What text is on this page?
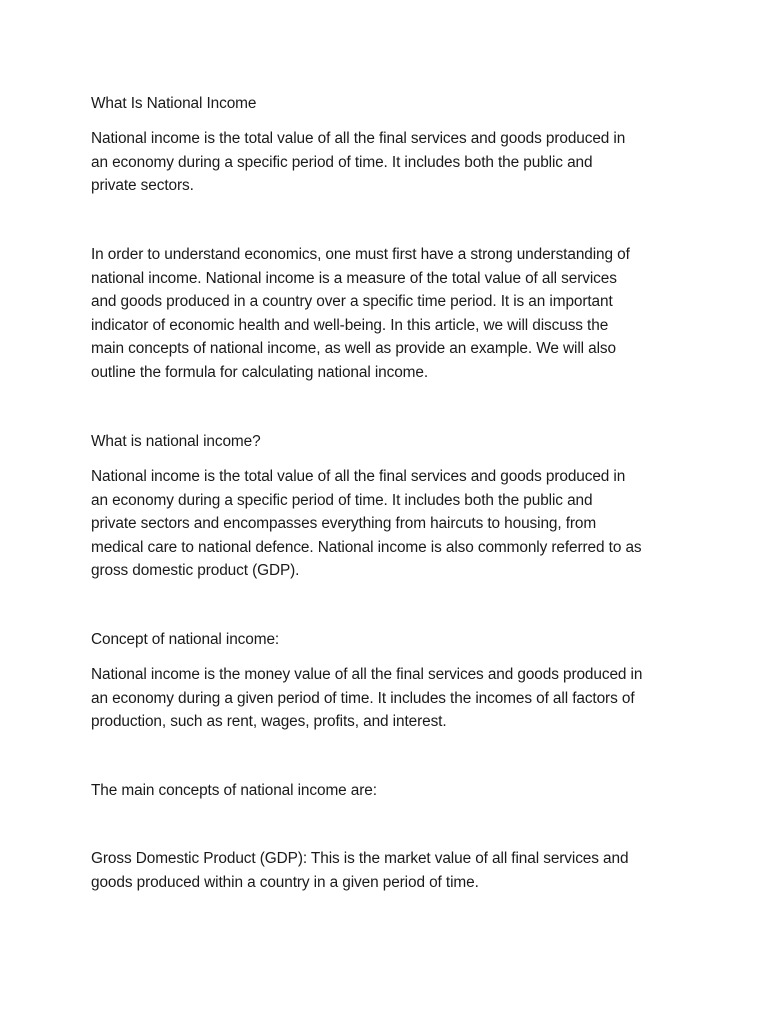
What Is National Income

National income is the total value of all the final services and goods produced in
an economy during a specific period of time. It includes both the public and
private sectors.

In order to understand economics, one must first have a strong understanding of
national income. National income is a measure of the total value of all services
and goods produced in a country over a specific time period. It is an important
indicator of economic health and well-being. In this article, we will discuss the
main concepts of national income, as well as provide an example. We will also
outline the formula for calculating national income.

What is national income?

National income is the total value of all the final services and goods produced in
an economy during a specific period of time. It includes both the public and
private sectors and encompasses everything from haircuts to housing, from
medical care to national defence. National income is also commonly referred to as
gross domestic product (GDP).

Concept of national income:

National income is the money value of all the final services and goods produced in
an economy during a given period of time. It includes the incomes of all factors of
production, such as rent, wages, profits, and interest.

The main concepts of national income are:

Gross Domestic Product (GDP): This is the market value of all final services and
goods produced within a country in a given period of time.
